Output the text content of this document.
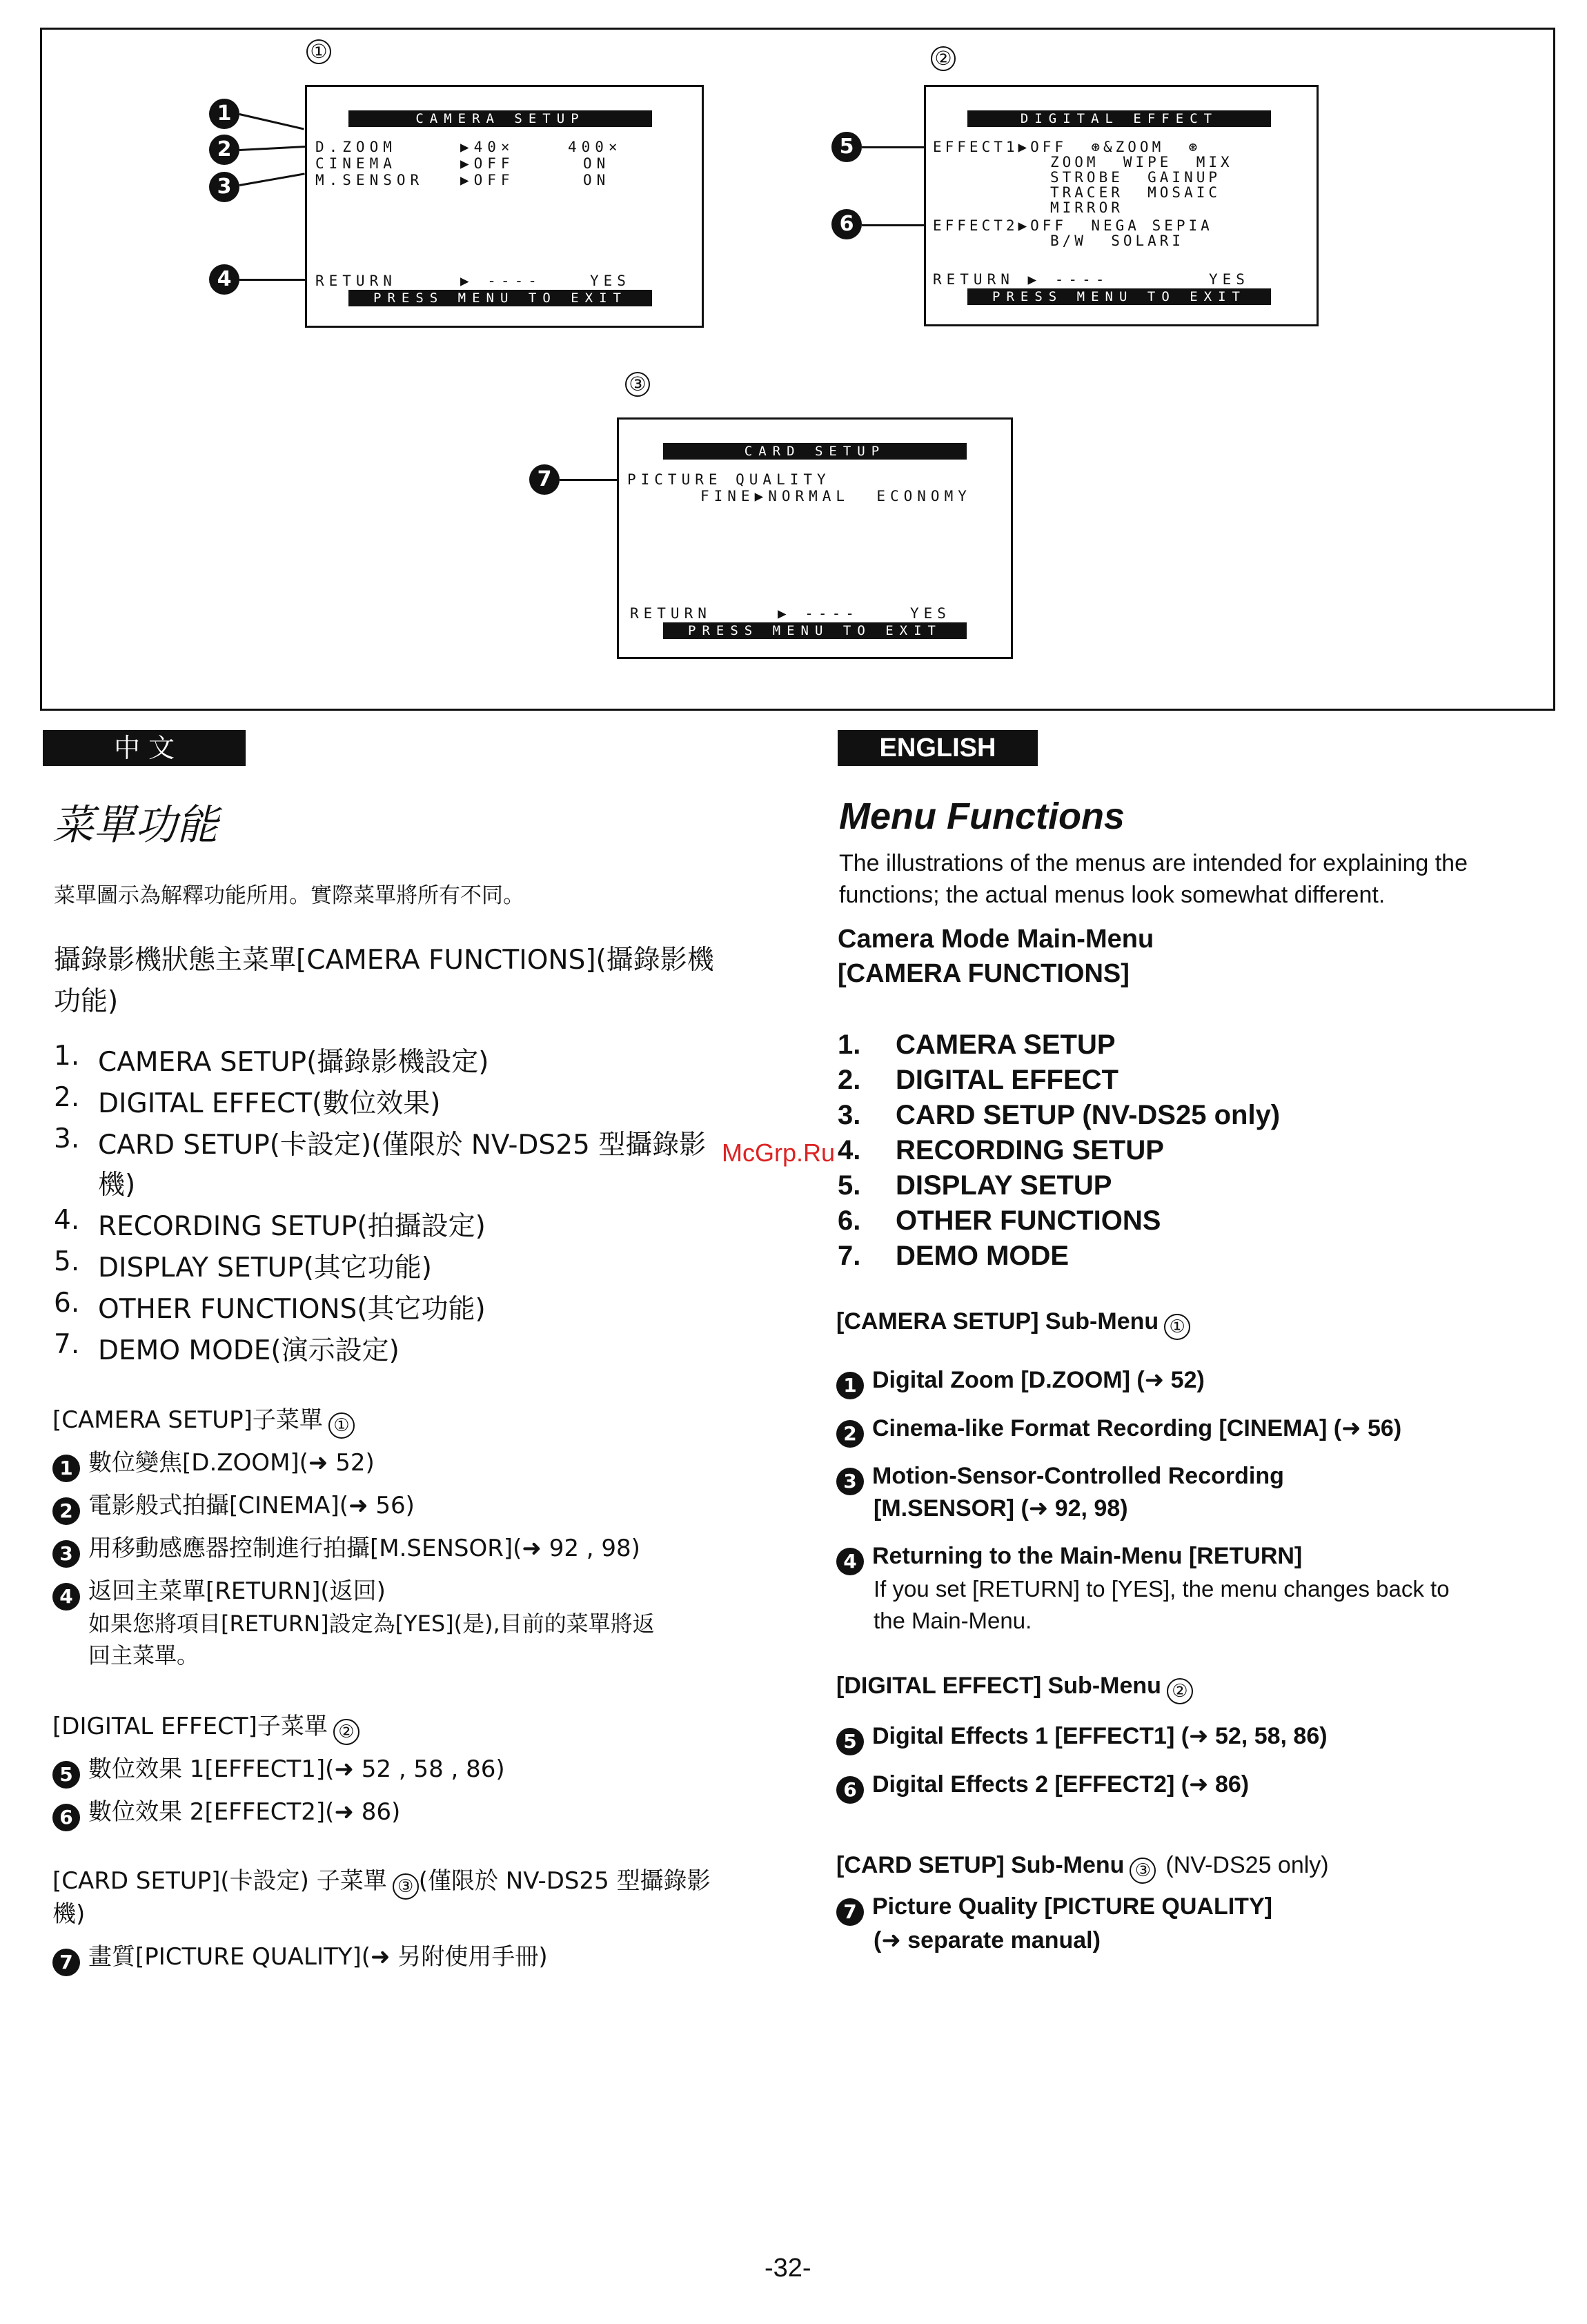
①
CAMERA SETUP
D.ZOOM	▶40×	400×
CINEMA	▶OFF	ON
M.SENSOR	▶OFF	ON
RETURN	▶ ----	YES
PRESS MENU TO EXIT
1
2
3
4
②
DIGITAL EFFECT
EFFECT1▶OFF  ⊛&ZOOM  ⊛
ZOOM  WIPE  MIX
STROBE  GAINUP
TRACER  MOSAIC
MIRROR
EFFECT2▶OFF  NEGA SEPIA
B/W  SOLARI
RETURN ▶ ----	YES
PRESS MENU TO EXIT
5
6
③
CARD SETUP
PICTURE QUALITY
FINE▶NORMAL  ECONOMY
RETURN	▶ ----	YES
PRESS MENU TO EXIT
7
中 文
菜單功能
菜單圖示為解釋功能所用。實際菜單將所有不同。
攝錄影機狀態主菜單[CAMERA FUNCTIONS](攝錄影機
功能)
1. CAMERA SETUP(攝錄影機設定)
2. DIGITAL EFFECT(數位效果)
3. CARD SETUP(卡設定)(僅限於 NV-DS25 型攝錄影
機)
4. RECORDING SETUP(拍攝設定)
5. DISPLAY SETUP(其它功能)
6. OTHER FUNCTIONS(其它功能)
7. DEMO MODE(演示設定)
[CAMERA SETUP]子菜單 ①
1 數位變焦[D.ZOOM](➜ 52)
2 電影般式拍攝[CINEMA](➜ 56)
3 用移動感應器控制進行拍攝[M.SENSOR](➜ 92 , 98)
4 返回主菜單[RETURN](返回)
如果您將項目[RETURN]設定為[YES](是),目前的菜單將返
回主菜單。
[DIGITAL EFFECT]子菜單 ②
5 數位效果 1[EFFECT1](➜ 52 , 58 , 86)
6 數位效果 2[EFFECT2](➜ 86)
[CARD SETUP](卡設定) 子菜單 ③ (僅限於 NV-DS25 型攝錄影
機)
7 畫質[PICTURE QUALITY](➜ 另附使用手冊)
McGrp.Ru
ENGLISH
Menu Functions
The illustrations of the menus are intended for explaining the
functions; the actual menus look somewhat different.
Camera Mode Main-Menu
[CAMERA FUNCTIONS]
1. CAMERA SETUP
2. DIGITAL EFFECT
3. CARD SETUP (NV-DS25 only)
4. RECORDING SETUP
5. DISPLAY SETUP
6. OTHER FUNCTIONS
7. DEMO MODE
[CAMERA SETUP] Sub-Menu ①
1 Digital Zoom [D.ZOOM] (➜ 52)
2 Cinema-like Format Recording [CINEMA] (➜ 56)
3 Motion-Sensor-Controlled Recording
[M.SENSOR] (➜ 92, 98)
4 Returning to the Main-Menu [RETURN]
If you set [RETURN] to [YES], the menu changes back to
the Main-Menu.
[DIGITAL EFFECT] Sub-Menu ②
5 Digital Effects 1 [EFFECT1] (➜ 52, 58, 86)
6 Digital Effects 2 [EFFECT2] (➜ 86)
[CARD SETUP] Sub-Menu ③ (NV-DS25 only)
7 Picture Quality [PICTURE QUALITY]
(➜ separate manual)
-32-
